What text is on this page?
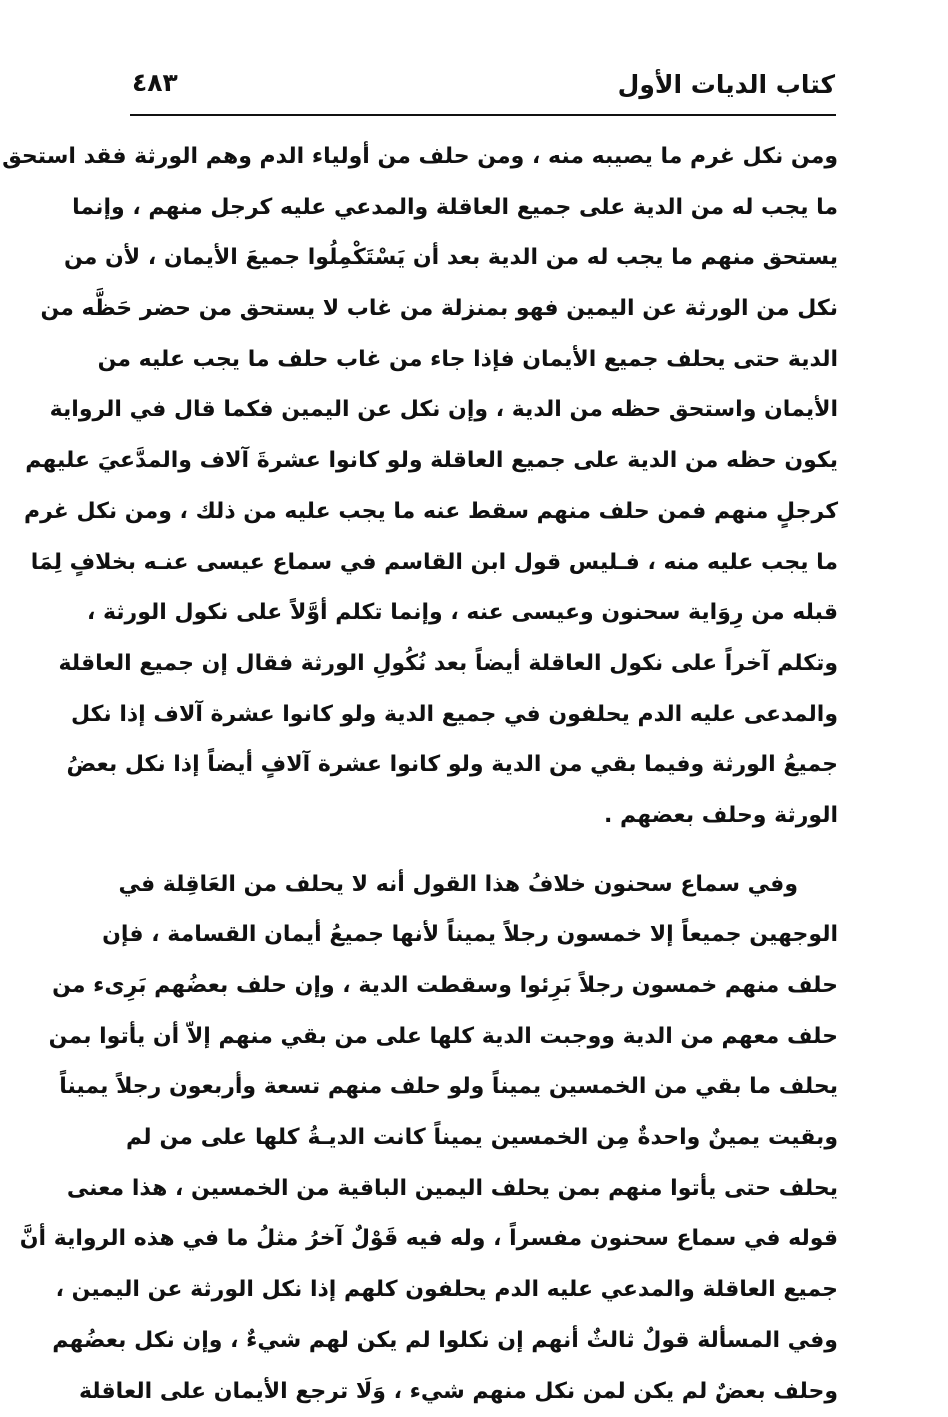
كتاب الديات الأول
٤٨٣
ومن نكل غرم ما يصيبه منه ، ومن حلف من أولياء الدم وهم الورثة فقد استحق
ما يجب له من الدية على جميع العاقلة والمدعي عليه كرجل منهم ، وإنما
يستحق منهم ما يجب له من الدية بعد أن يَسْتَكْمِلُوا جميعَ الأيمان ، لأن من
نكل من الورثة عن اليمين فهو بمنزلة من غاب لا يستحق من حضر حَظَّه من
الدية حتى يحلف جميع الأيمان فإذا جاء من غاب حلف ما يجب عليه من
الأيمان واستحق حظه من الدية ، وإن نكل عن اليمين فكما قال في الرواية
يكون حظه من الدية على جميع العاقلة ولو كانوا عشرةَ آلاف والمدَّعيَ عليهم
كرجلٍ منهم فمن حلف منهم سقط عنه ما يجب عليه من ذلك ، ومن نكل غرم
ما يجب عليه منه ، فـليس قول ابن القاسم في سماع عيسى عنـه بخلافٍ لِمَا
قبله من رِوَاية سحنون وعيسى عنه ، وإنما تكلم أوَّلاً على نكول الورثة ،
وتكلم آخراً على نكول العاقلة أيضاً بعد نُكُولِ الورثة فقال إن جميع العاقلة
والمدعى عليه الدم يحلفون في جميع الدية ولو كانوا عشرة آلاف إذا نكل
جميعُ الورثة وفيما بقي من الدية ولو كانوا عشرة آلافٍ أيضاً إذا نكل بعضُ
الورثة وحلف بعضهم .
وفي سماع سحنون خلافُ هذا القول أنه لا يحلف من العَاقِلة في
الوجهين جميعاً إلا خمسون رجلاً يميناً لأنها جميعُ أيمان القسامة ، فإن
حلف منهم خمسون رجلاً بَرِئوا وسقطت الدية ، وإن حلف بعضُهم بَرِىء من
حلف معهم من الدية ووجبت الدية كلها على من بقي منهم إلاّ أن يأتوا بمن
يحلف ما بقي من الخمسين يميناً ولو حلف منهم تسعة وأربعون رجلاً يميناً
وبقيت يمينٌ واحدةٌ مِن الخمسين يميناً كانت الديـةُ كلها على من لم
يحلف حتى يأتوا منهم بمن يحلف اليمين الباقية من الخمسين ، هذا معنى
قوله في سماع سحنون مفسراً ، وله فيه قَوْلٌ آخرُ مثلُ ما في هذه الرواية أنَّ
جميع العاقلة والمدعي عليه الدم يحلفون كلهم إذا نكل الورثة عن اليمين ،
وفي المسألة قولٌ ثالثٌ أنهم إن نكلوا لم يكن لهم شيءٌ ، وإن نكل بعضُهم
وحلف بعضٌ لم يكن لمن نكل منهم شيء ، وَلَا ترجع الأيمان على العاقلة
